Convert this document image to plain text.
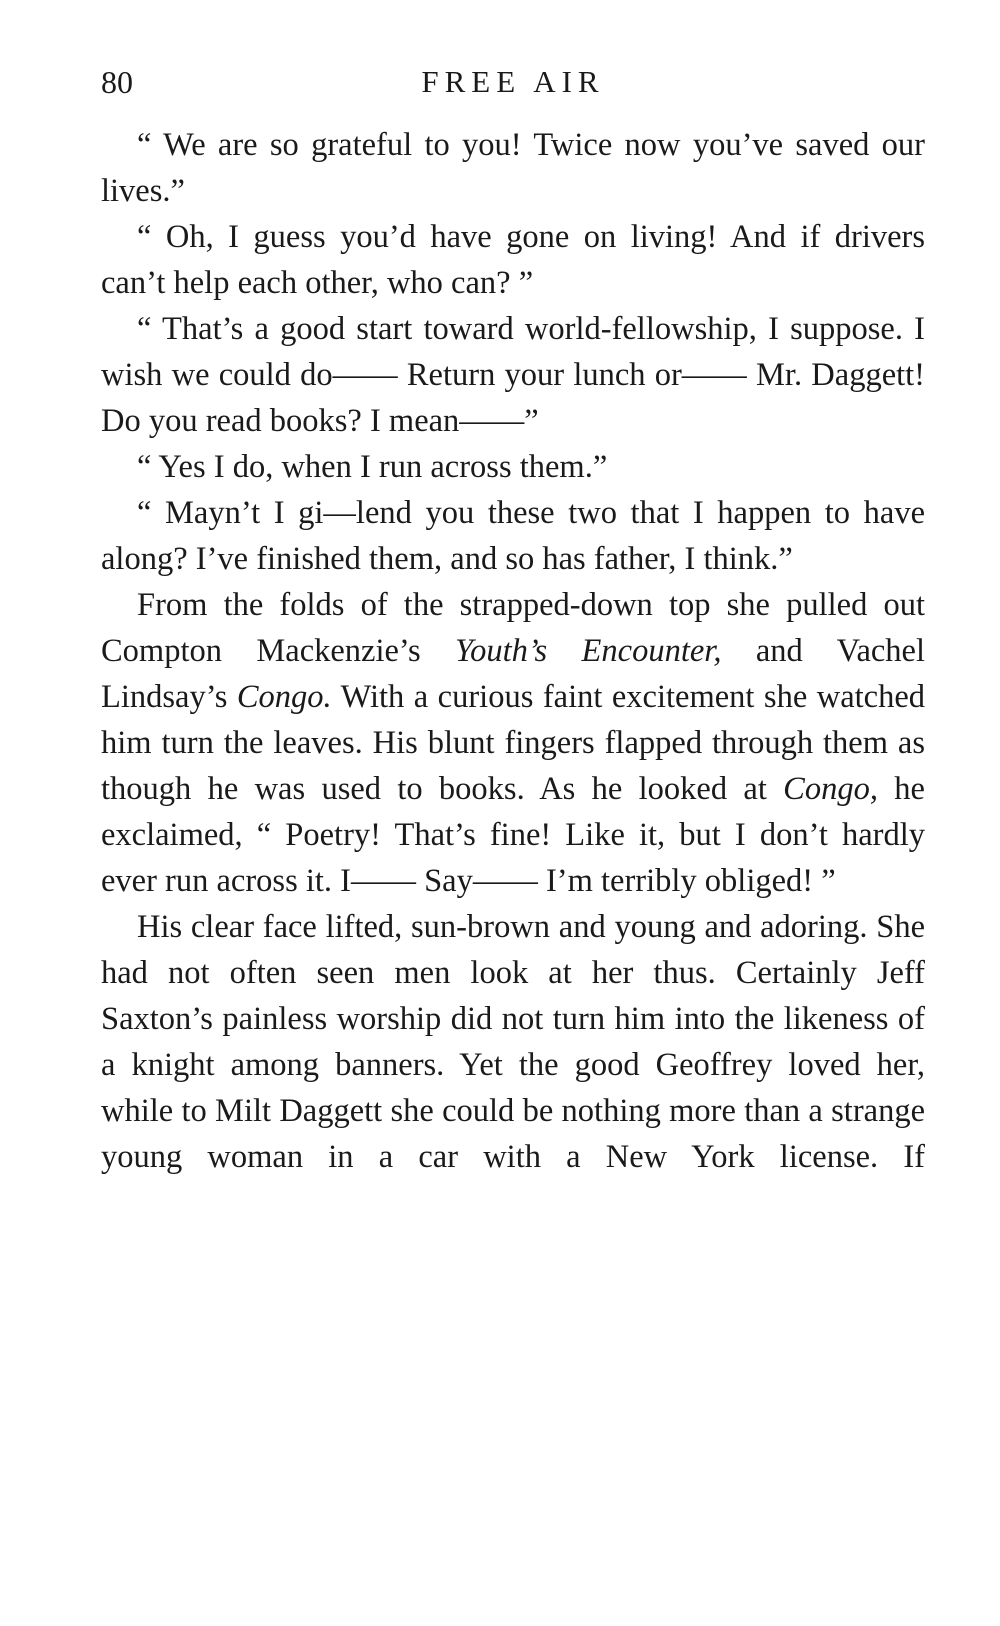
80	FREE AIR

“ We are so grateful to you! Twice now you’ve saved our lives.”

“ Oh, I guess you’d have gone on living! And if drivers can’t help each other, who can? ”

“ That’s a good start toward world-fellowship, I suppose. I wish we could do—— Return your lunch or—— Mr. Daggett! Do you read books? I mean——”

“ Yes I do, when I run across them.”

“ Mayn’t I gi—lend you these two that I happen to have along? I’ve finished them, and so has father, I think.”

From the folds of the strapped-down top she pulled out Compton Mackenzie’s Youth’s Encounter, and Vachel Lindsay’s Congo. With a curious faint excitement she watched him turn the leaves. His blunt fingers flapped through them as though he was used to books. As he looked at Congo, he exclaimed, “ Poetry! That’s fine! Like it, but I don’t hardly ever run across it. I—— Say—— I’m terribly obliged! ”

His clear face lifted, sun-brown and young and adoring. She had not often seen men look at her thus. Certainly Jeff Saxton’s painless worship did not turn him into the likeness of a knight among banners. Yet the good Geoffrey loved her, while to Milt Daggett she could be nothing more than a strange young woman in a car with a New York license. If
